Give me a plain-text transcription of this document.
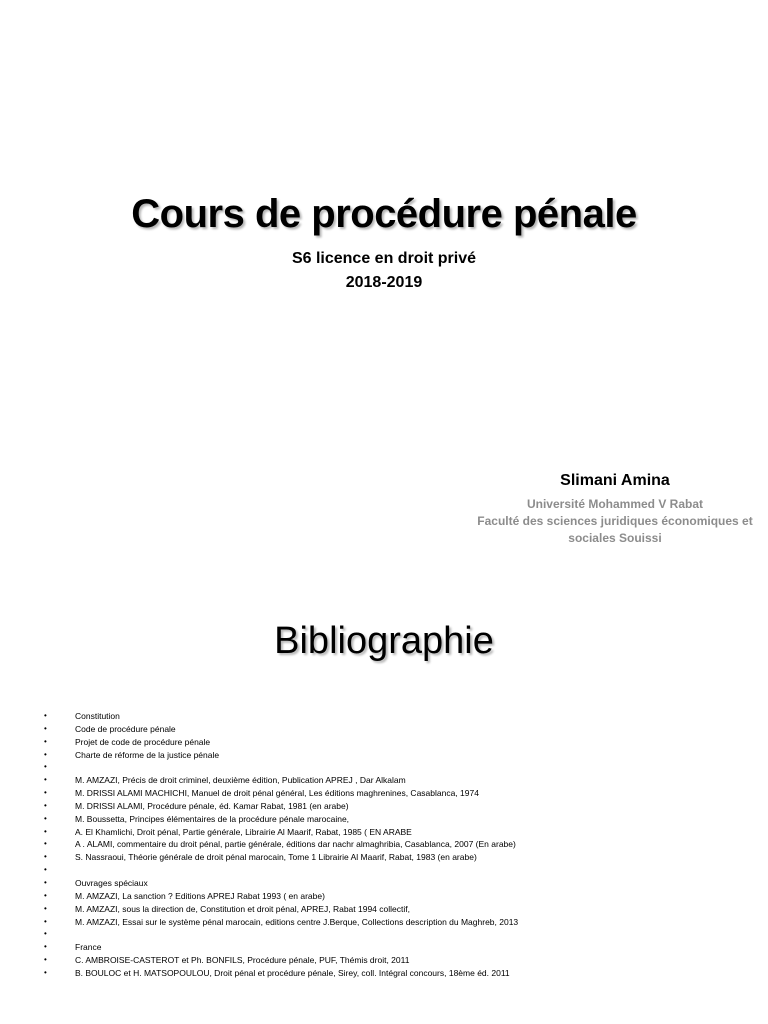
Cours de procédure pénale
S6 licence en droit privé
2018-2019
Slimani Amina
Université Mohammed V Rabat
Faculté des sciences juridiques économiques et
sociales Souissi
Bibliographie
•	Constitution
•	Code de procédure pénale
•	Projet de code de procédure pénale
•	Charte de réforme de la justice pénale
•
•	M. AMZAZI, Précis de droit criminel, deuxième édition, Publication APREJ , Dar Alkalam
•	M. DRISSI ALAMI MACHICHI, Manuel de droit pénal général, Les éditions maghrenines, Casablanca, 1974
•	M. DRISSI ALAMI, Procédure pénale, éd. Kamar Rabat, 1981 (en arabe)
•	M. Boussetta, Principes élémentaires de la procédure pénale marocaine,
•	A. El Khamlichi, Droit pénal, Partie générale, Librairie Al Maarif, Rabat, 1985 ( EN ARABE
•	A . ALAMI, commentaire du droit pénal, partie générale, éditions dar nachr almaghribia, Casablanca, 2007 (En arabe)
•	S. Nassraoui, Théorie générale de droit pénal marocain, Tome 1 Librairie Al Maarif, Rabat, 1983 (en arabe)
•
•	Ouvrages spéciaux
•	M. AMZAZI, La sanction ? Editions APREJ Rabat 1993 ( en arabe)
•	M. AMZAZI, sous la direction de, Constitution et droit pénal, APREJ, Rabat 1994 collectif,
•	M. AMZAZI, Essai sur le système pénal marocain, editions centre J.Berque, Collections description du Maghreb, 2013
•
•	France
•	C. AMBROISE-CASTEROT et Ph. BONFILS, Procédure pénale, PUF, Thémis droit, 2011
•	B. BOULOC et H. MATSOPOULOU, Droit pénal et procédure pénale, Sirey, coll. Intégral concours, 18ème éd. 2011
